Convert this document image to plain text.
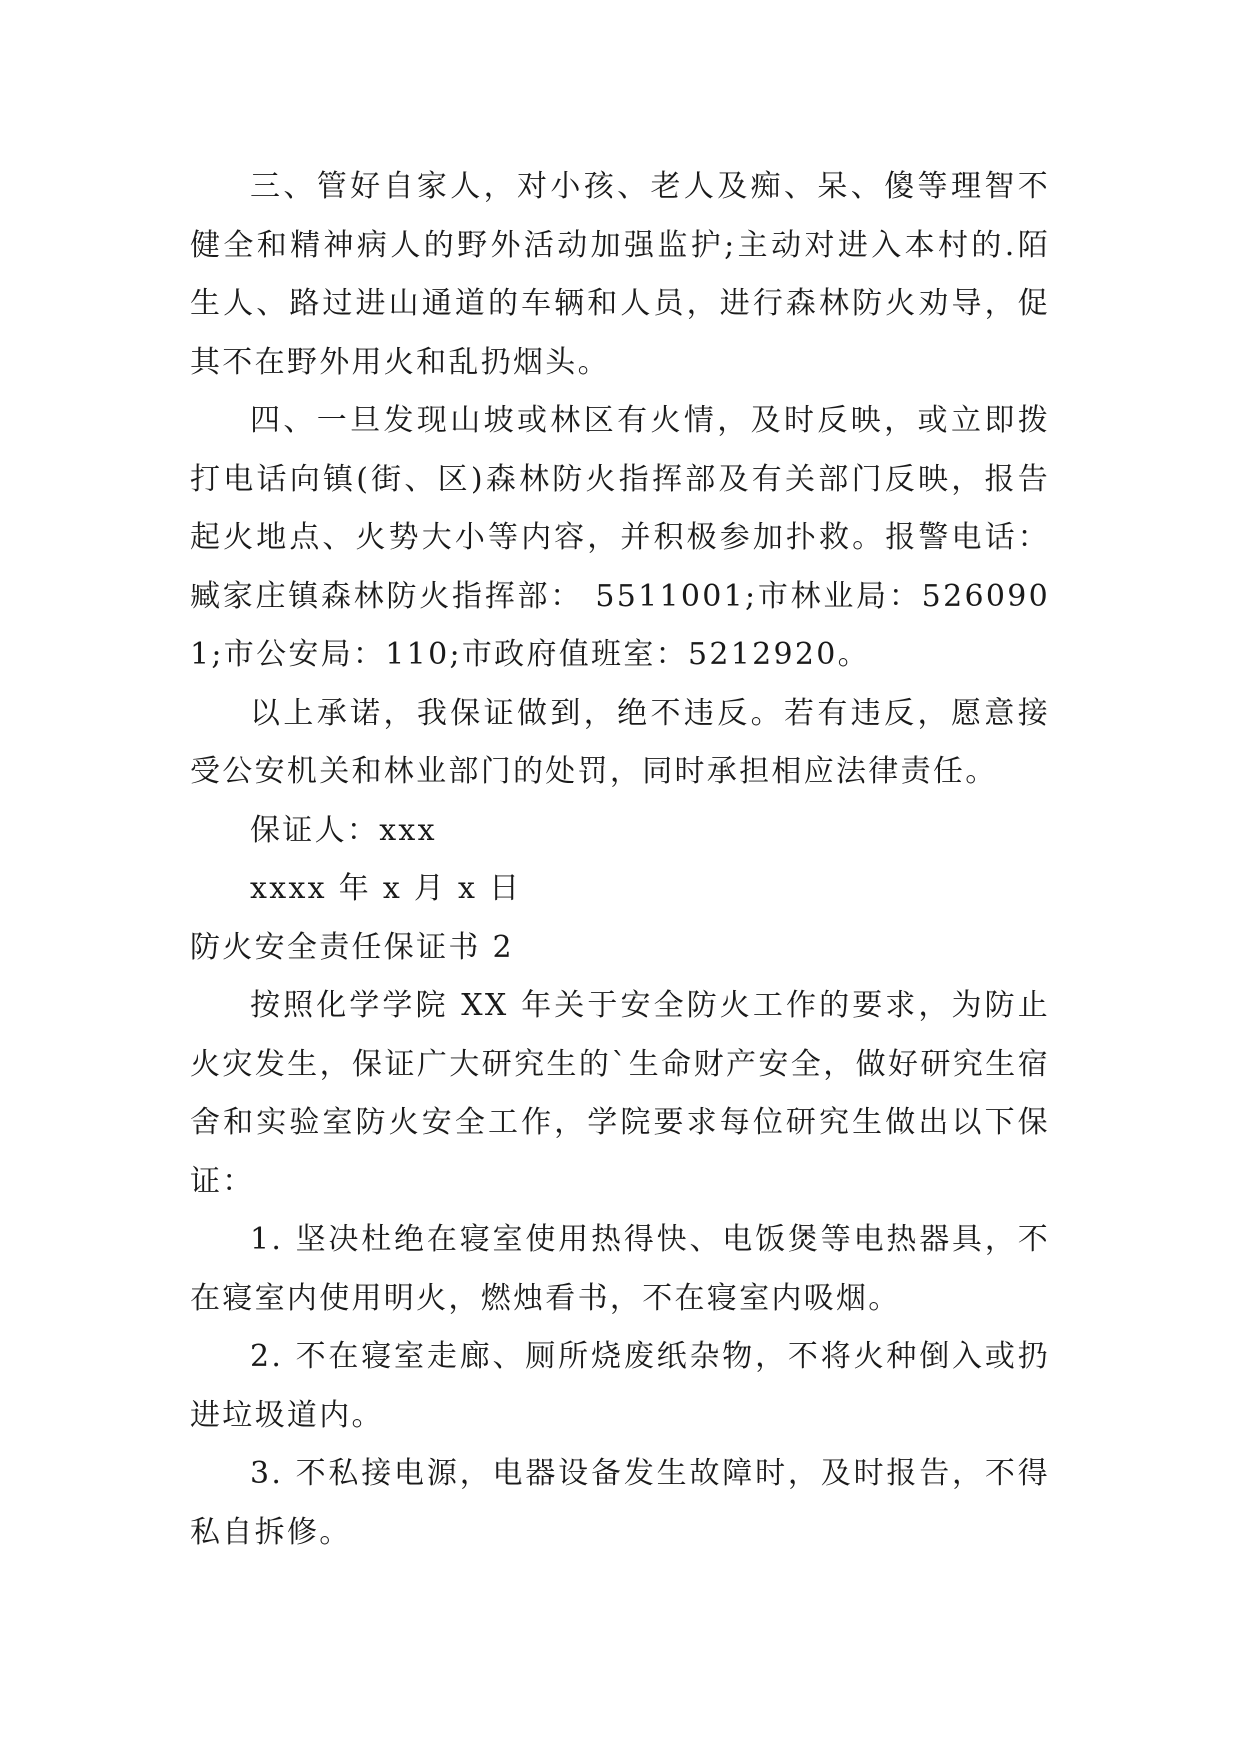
三、管好自家人，对小孩、老人及痴、呆、傻等理智不健全和精神病人的野外活动加强监护;主动对进入本村的.陌生人、路过进山通道的车辆和人员，进行森林防火劝导，促其不在野外用火和乱扔烟头。

四、一旦发现山坡或林区有火情，及时反映，或立即拨打电话向镇(街、区)森林防火指挥部及有关部门反映，报告起火地点、火势大小等内容，并积极参加扑救。报警电话：臧家庄镇森林防火指挥部： 5511001;市林业局：5260901;市公安局：110;市政府值班室：5212920。

以上承诺，我保证做到，绝不违反。若有违反，愿意接受公安机关和林业部门的处罚，同时承担相应法律责任。

保证人：xxx

xxxx 年 x 月 x 日

防火安全责任保证书 2

按照化学学院 XX 年关于安全防火工作的要求，为防止火灾发生，保证广大研究生的`生命财产安全，做好研究生宿舍和实验室防火安全工作，学院要求每位研究生做出以下保证：

1. 坚决杜绝在寝室使用热得快、电饭煲等电热器具，不在寝室内使用明火，燃烛看书，不在寝室内吸烟。

2. 不在寝室走廊、厕所烧废纸杂物，不将火种倒入或扔进垃圾道内。

3. 不私接电源，电器设备发生故障时，及时报告，不得私自拆修。
